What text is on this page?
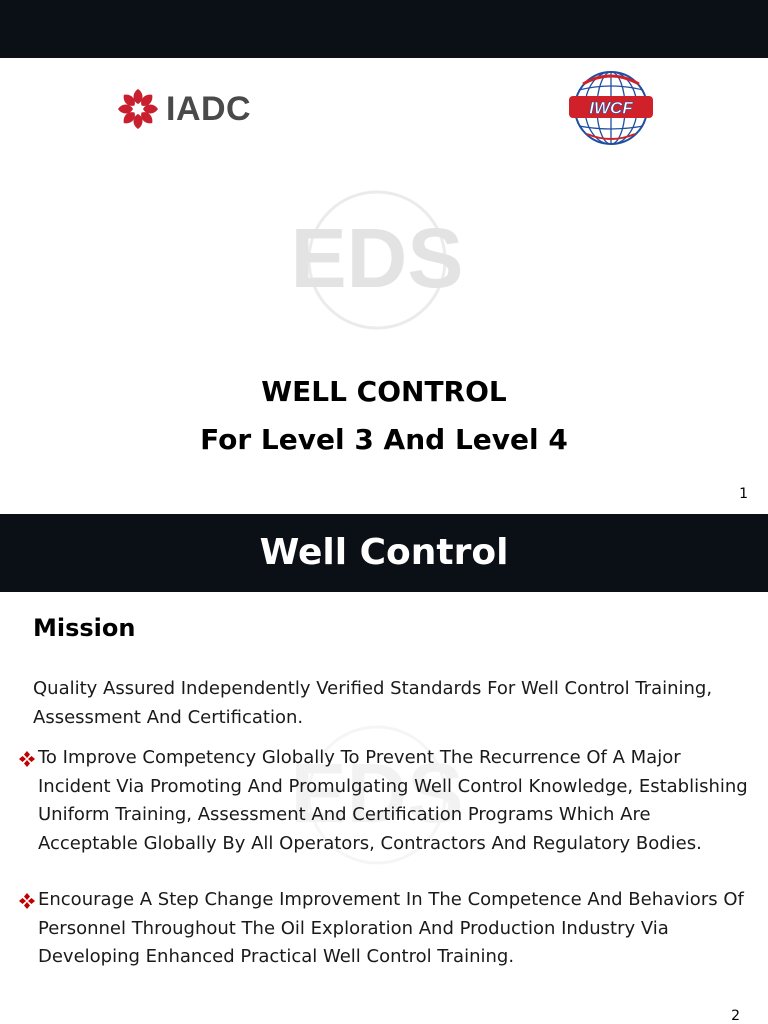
IADC	IWCF
EDS
WELL CONTROL
For Level 3 And Level 4
1
Well Control
EDS
Mission
Quality Assured Independently Verified Standards For Well Control Training, Assessment And Certification.
To Improve Competency Globally To Prevent The Recurrence Of A Major Incident Via Promoting And Promulgating Well Control Knowledge, Establishing Uniform Training, Assessment And Certification Programs Which Are Acceptable Globally By All Operators, Contractors And Regulatory Bodies.
Encourage A Step Change Improvement In The Competence And Behaviors Of Personnel Throughout The Oil Exploration And Production Industry Via Developing Enhanced Practical Well Control Training.
2
